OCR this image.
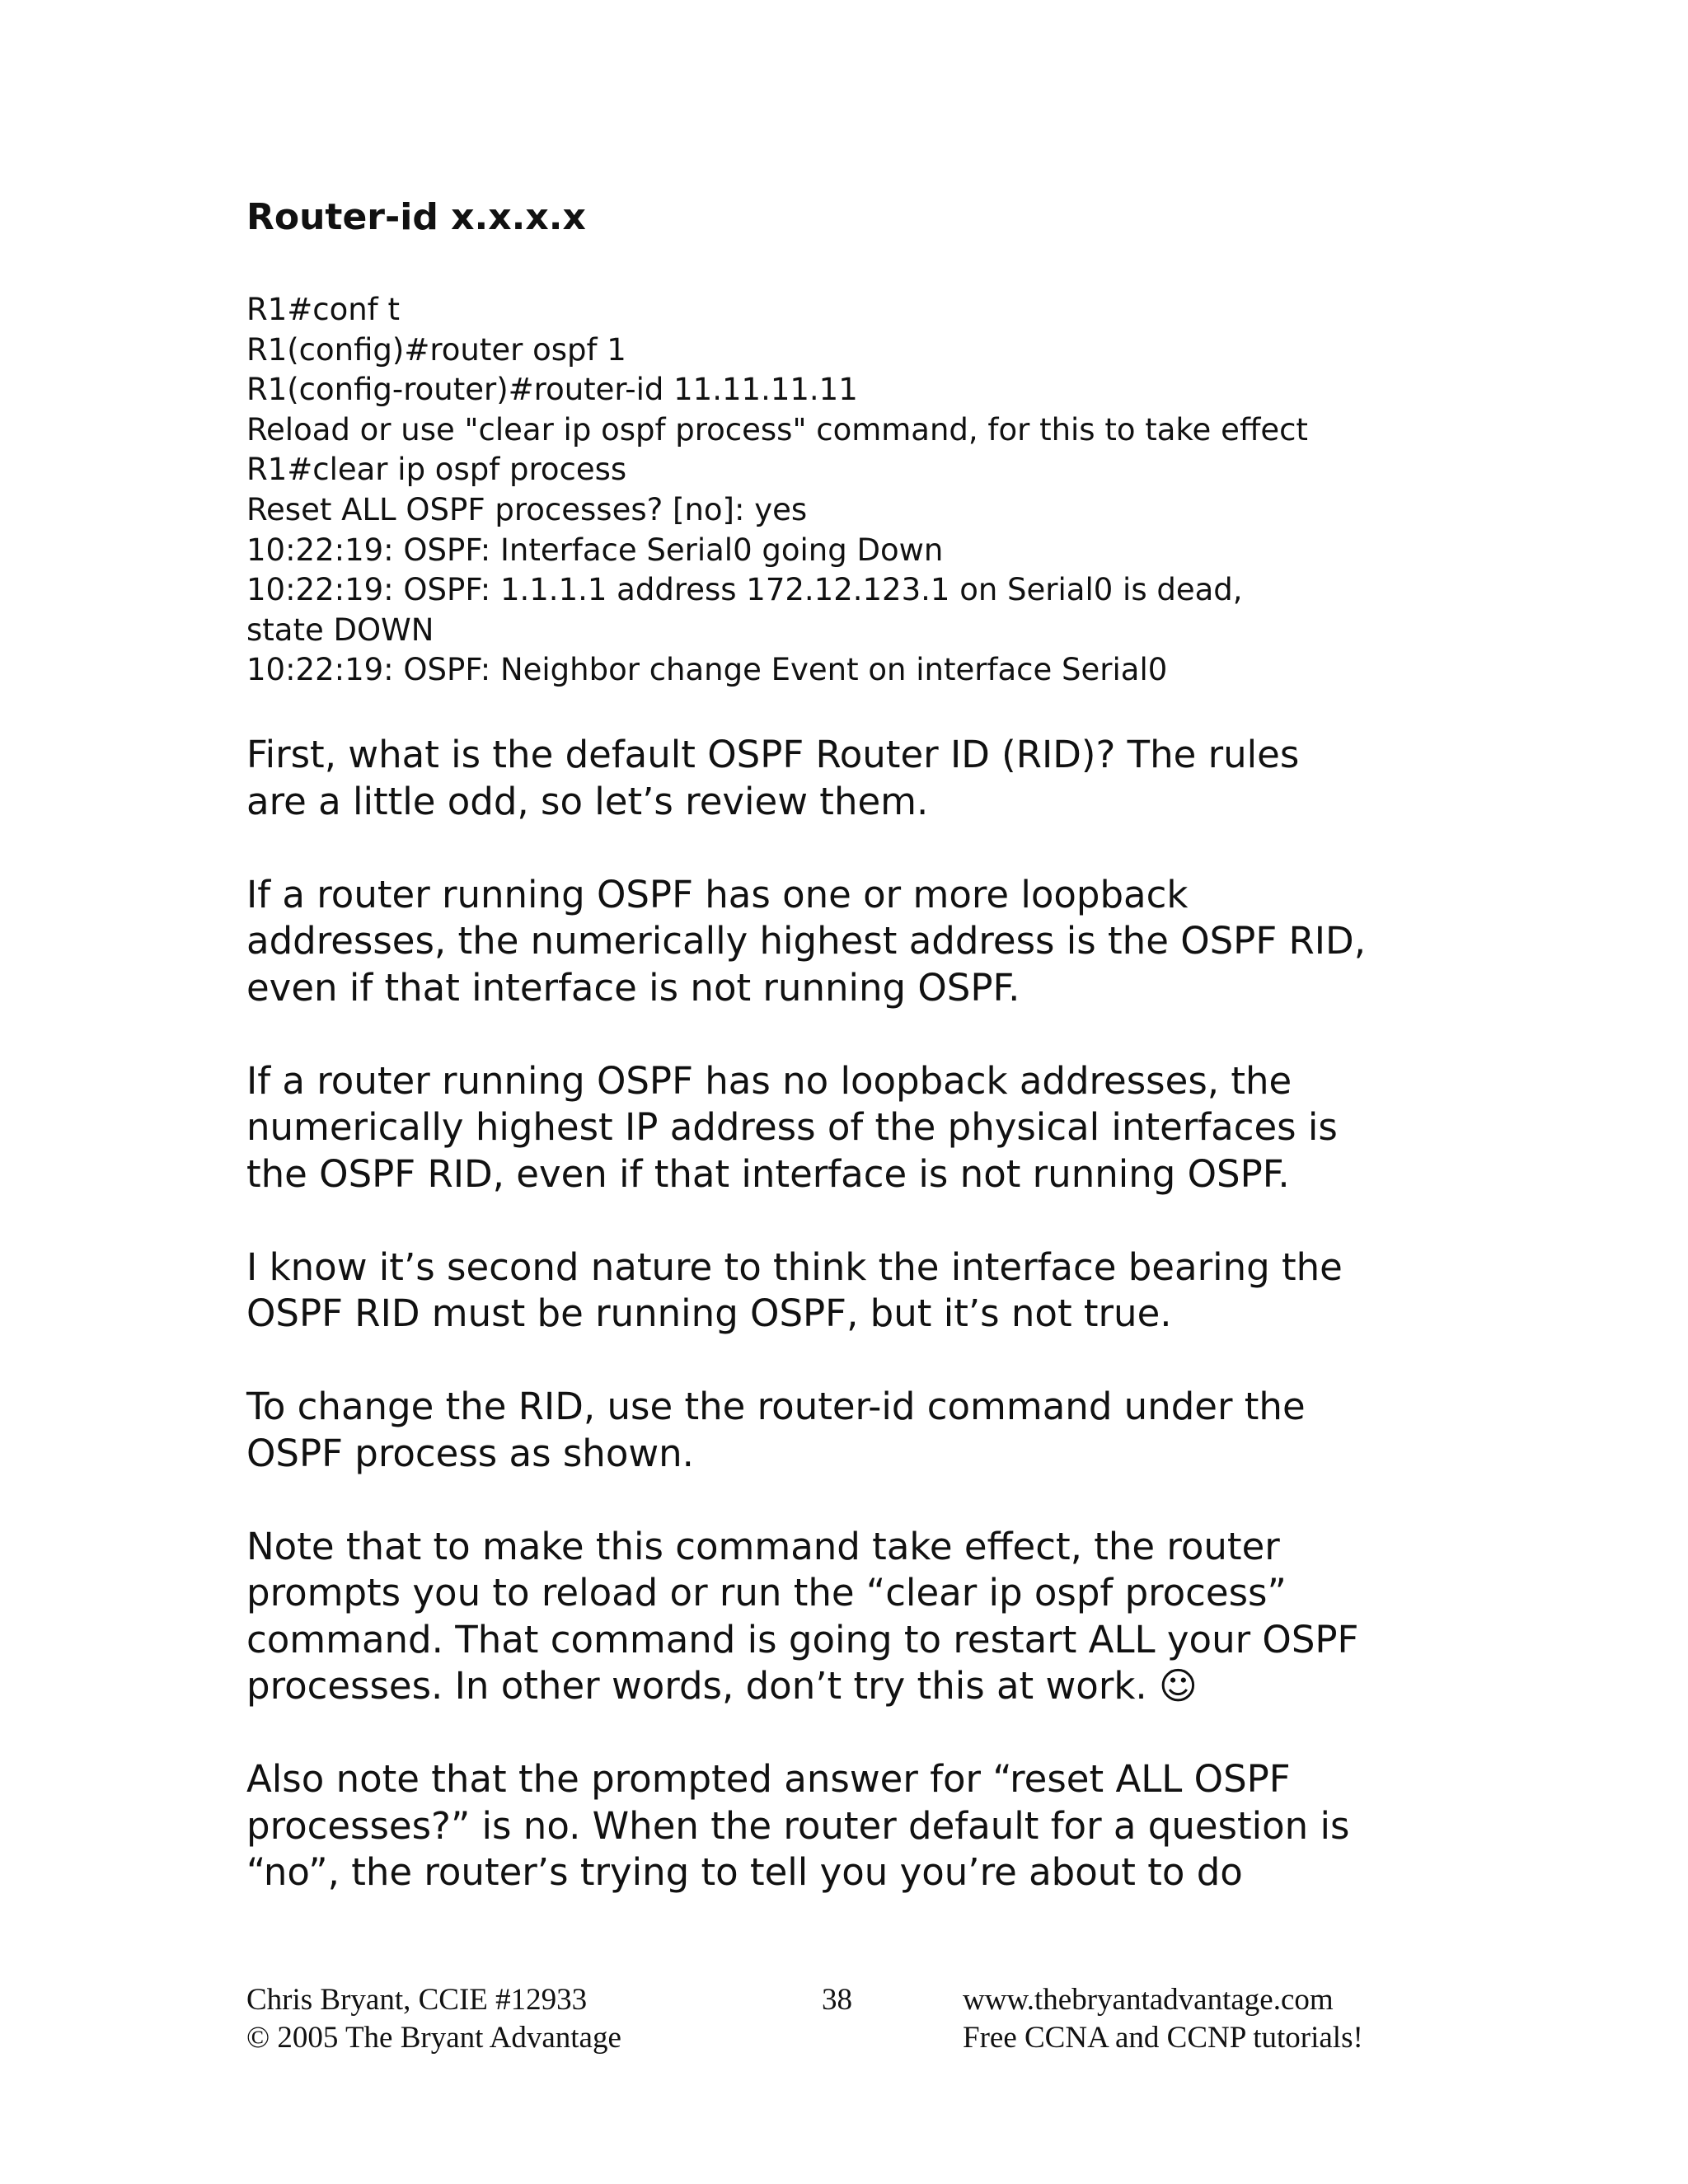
Router-id x.x.x.x
R1#conf t
R1(config)#router ospf 1
R1(config-router)#router-id 11.11.11.11
Reload or use "clear ip ospf process" command, for this to take effect
R1#clear ip ospf process
Reset ALL OSPF processes? [no]: yes
10:22:19: OSPF: Interface Serial0 going Down
10:22:19: OSPF: 1.1.1.1 address 172.12.123.1 on Serial0 is dead,
state DOWN
10:22:19: OSPF: Neighbor change Event on interface Serial0
First, what is the default OSPF Router ID (RID)? The rules
are a little odd, so let’s review them.
If a router running OSPF has one or more loopback
addresses, the numerically highest address is the OSPF RID,
even if that interface is not running OSPF.
If a router running OSPF has no loopback addresses, the
numerically highest IP address of the physical interfaces is
the OSPF RID, even if that interface is not running OSPF.
I know it’s second nature to think the interface bearing the
OSPF RID must be running OSPF, but it’s not true.
To change the RID, use the router-id command under the
OSPF process as shown.
Note that to make this command take effect, the router
prompts you to reload or run the “clear ip ospf process”
command. That command is going to restart ALL your OSPF
processes. In other words, don’t try this at work. ☺
Also note that the prompted answer for “reset ALL OSPF
processes?” is no. When the router default for a question is
“no”, the router’s trying to tell you you’re about to do
Chris Bryant, CCIE #12933
© 2005 The Bryant Advantage
38	www.thebryantadvantage.com
Free CCNA and CCNP tutorials!
